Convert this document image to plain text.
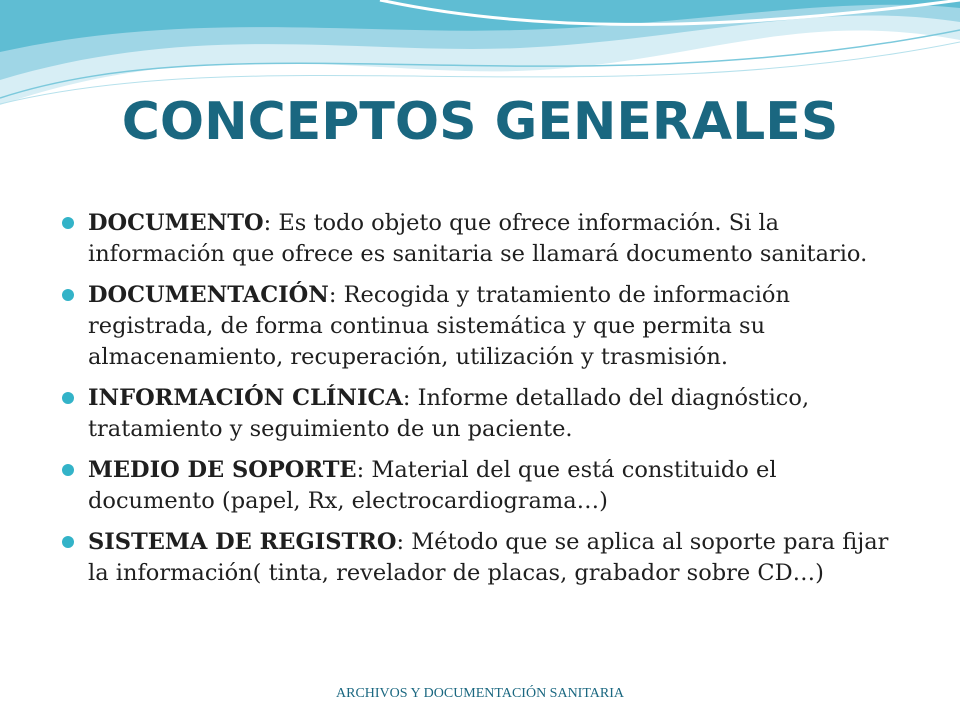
CONCEPTOS GENERALES
DOCUMENTO: Es todo objeto que ofrece información. Si la información que ofrece es sanitaria se llamará documento sanitario.
DOCUMENTACIÓN: Recogida y tratamiento de información registrada, de forma continua sistemática y que permita su almacenamiento, recuperación, utilización y trasmisión.
INFORMACIÓN CLÍNICA: Informe detallado del diagnóstico, tratamiento y seguimiento de un paciente.
MEDIO DE SOPORTE: Material del que está constituido el documento (papel, Rx, electrocardiograma…)
SISTEMA DE REGISTRO: Método que se aplica al soporte para fijar la información( tinta, revelador de placas, grabador sobre CD…)
ARCHIVOS Y DOCUMENTACIÓN SANITARIA
